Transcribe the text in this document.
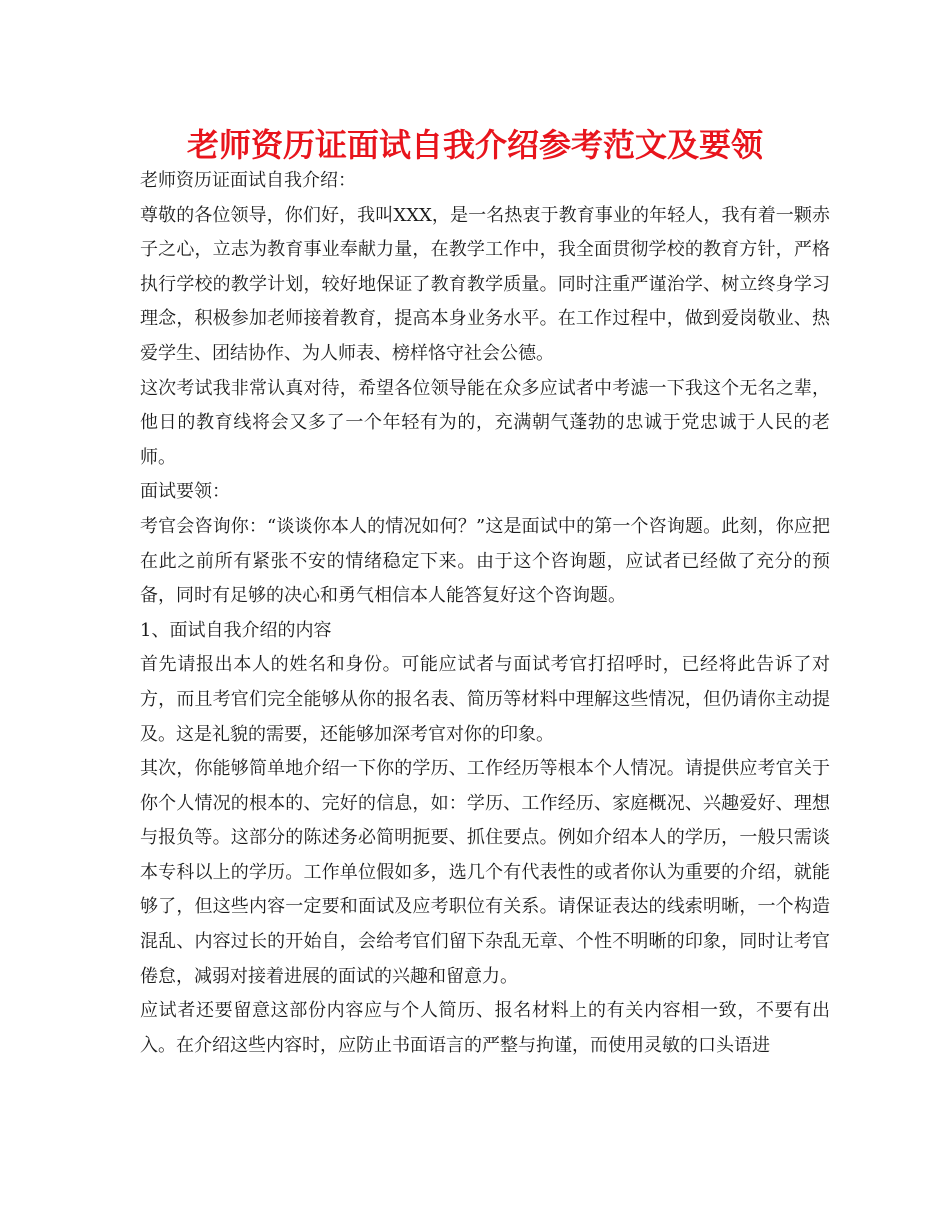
老师资历证面试自我介绍参考范文及要领

老师资历证面试自我介绍：

尊敬的各位领导，你们好，我叫XXX，是一名热衷于教育事业的年轻人，我有着一颗赤子之心，立志为教育事业奉献力量，在教学工作中，我全面贯彻学校的教育方针，严格执行学校的教学计划，较好地保证了教育教学质量。同时注重严谨治学、树立终身学习理念，积极参加老师接着教育，提高本身业务水平。在工作过程中，做到爱岗敬业、热爱学生、团结协作、为人师表、榜样恪守社会公德。

这次考试我非常认真对待，希望各位领导能在众多应试者中考滤一下我这个无名之辈，他日的教育线将会又多了一个年轻有为的，充满朝气蓬勃的忠诚于党忠诚于人民的老师。

面试要领：

考官会咨询你：“谈谈你本人的情况如何？”这是面试中的第一个咨询题。此刻，你应把在此之前所有紧张不安的情绪稳定下来。由于这个咨询题，应试者已经做了充分的预备，同时有足够的决心和勇气相信本人能答复好这个咨询题。

1、面试自我介绍的内容

首先请报出本人的姓名和身份。可能应试者与面试考官打招呼时，已经将此告诉了对方，而且考官们完全能够从你的报名表、简历等材料中理解这些情况，但仍请你主动提及。这是礼貌的需要，还能够加深考官对你的印象。

其次，你能够简单地介绍一下你的学历、工作经历等根本个人情况。请提供应考官关于你个人情况的根本的、完好的信息，如：学历、工作经历、家庭概况、兴趣爱好、理想与报负等。这部分的陈述务必简明扼要、抓住要点。例如介绍本人的学历，一般只需谈本专科以上的学历。工作单位假如多，选几个有代表性的或者你认为重要的介绍，就能够了，但这些内容一定要和面试及应考职位有关系。请保证表达的线索明晰，一个构造混乱、内容过长的开始自，会给考官们留下杂乱无章、个性不明晰的印象，同时让考官倦怠，减弱对接着进展的面试的兴趣和留意力。

应试者还要留意这部份内容应与个人简历、报名材料上的有关内容相一致，不要有出入。在介绍这些内容时，应防止书面语言的严整与拘谨，而使用灵敏的口头语进
